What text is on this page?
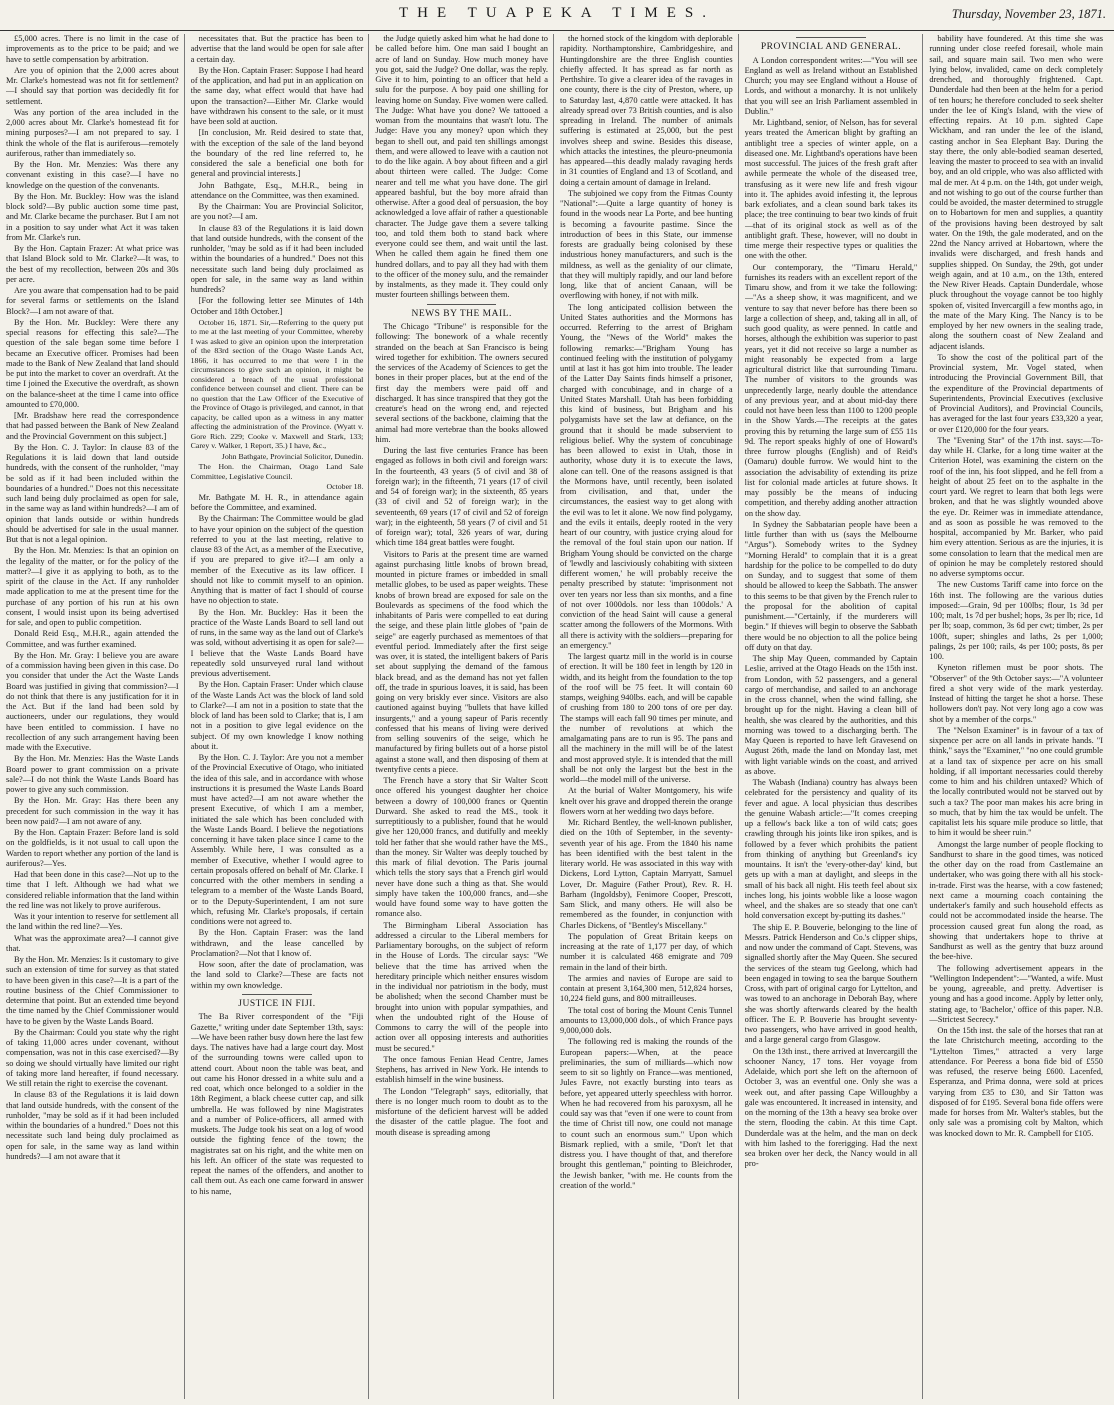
THE TUAPEKA TIMES.	Thursday, November 23, 1871.

£5,000 acres. There is no limit in the case of improvements as to the price to be paid; and we have to settle compensation by arbitration.

Are you of opinion that the 2,000 acres about Mr. Clarke's homestead was not fit for settlement?—I should say that portion was decidedly fit for settlement.

Was any portion of the area included in the 2,000 acres about Mr. Clarke's homestead fit for mining purposes?—I am not prepared to say. I think the whole of the flat is auriferous—remotely auriferous, rather than immediately so.

By the Hon. Mr. Menzies: Was there any convenant existing in this case?—I have no knowledge on the question of the convenants.

By the Hon. Mr. Buckley: How was the island block sold?—By public auction some time past, and Mr. Clarke became the purchaser. But I am not in a position to say under what Act it was taken from Mr. Clarke's run.

By the Hon. Captain Frazer: At what price was that Island Block sold to Mr. Clarke?—It was, to the best of my recollection, between 20s and 30s per acre.

Are you aware that compensation had to be paid for several farms or settlements on the Island Block?—I am not aware of that.

By the Hon. Mr. Buckley: Were there any special reasons for effecting this sale?—The question of the sale began some time before I became an Executive officer. Promises had been made to the Bank of New Zealand that land should be put into the market to cover an overdraft. At the time I joined the Executive the overdraft, as shown on the balance-sheet at the time I came into office amounted to £70,000.

[Mr. Bradshaw here read the correspondence that had passed between the Bank of New Zealand and the Provincial Government on this subject.]

By the Hon. C. J. Taylor: In clause 83 of the Regulations it is laid down that land outside hundreds, with the consent of the runholder, "may be sold as if it had been included within the boundaries of a hundred." Does not this necessitate such land being duly proclaimed as open for sale, in the same way as land within hundreds?—I am of opinion that lands outside or within hundreds should be advertised for sale in the usual manner. But that is not a legal opinion.

By the Hon. Mr. Menzies: Is that an opinion on the legality of the matter, or for the policy of the matter?—I give it as applying to both, as to the spirit of the clause in the Act. If any runholder made application to me at the present time for the purchase of any portion of his run at his own consent, I would insist upon its being advertised for sale, and open to public competition.

Donald Reid Esq., M.H.R., again attended the Committee, and was further examined.

By the Hon. Mr. Gray: I believe you are aware of a commission having been given in this case. Do you consider that under the Act the Waste Lands Board was justified in giving that commission?—I do not think that there is any justification for it in the Act. But if the land had been sold by auctioneers, under our regulations, they would have been entitled to commission. I have no recollection of any such arrangement having been made with the Executive.

By the Hon. Mr. Menzies: Has the Waste Lands Board power to grant commission on a private sale?—I do not think the Waste Lands Board has power to give any such commission.

By the Hon. Mr. Gray: Has there been any precedent for such commission in the way it has been now paid?—I am not aware of any.

By the Hon. Captain Frazer: Before land is sold on the goldfields, is it not usual to call upon the Warden to report whether any portion of the land is auriferous?—Yes.

Had that been done in this case?—Not up to the time that I left. Although we had what we considered reliable information that the land within the red line was not likely to prove auriferous.

Was it your intention to reserve for settlement all the land within the red line?—Yes.

What was the approximate area?—I cannot give that.

By the Hon. Mr. Menzies: Is it customary to give such an extension of time for survey as that stated to have been given in this case?—It is a part of the routine business of the Chief Commissioner to determine that point. But an extended time beyond the time named by the Chief Commissioner would have to be given by the Waste Lands Board.

By the Chairman: Could you state why the right of taking 11,000 acres under covenant, without compensation, was not in this case exercised?—By so doing we should virtually have limited our right of taking more land hereafter, if found necessary. We still retain the right to exercise the covenant.

In clause 83 of the Regulations it is laid down that land outside hundreds, with the consent of the runholder, "may be sold as if it had been included within the boundaries of a hundred." Does not this necessitate such land being duly proclaimed as open for sale, in the same way as land within hundreds?—I am not aware that it

necessitates that. But the practice has been to advertise that the land would be open for sale after a certain day.

By the Hon. Captain Fraser: Suppose I had heard of the application, and had put in an application on the same day, what effect would that have had upon the transaction?—Either Mr. Clarke would have withdrawn his consent to the sale, or it must have been sold at auction.

[In conclusion, Mr. Reid desired to state that, with the exception of the sale of the land beyond the boundary of the red line referred to, he considered the sale a beneficial one both for general and provincial interests.]

John Bathgate, Esq., M.H.R., being in attendance on the Committee, was then examined.

By the Chairman: You are Provincial Solicitor, are you not?—I am.

In clause 83 of the Regulations it is laid down that land outside hundreds, with the consent of the runholder, "may be sold as if it had been included within the boundaries of a hundred." Does not this necessitate such land being duly proclaimed as open for sale, in the same way as land within hundreds?

[For the following letter see Minutes of 14th October and 18th October.]

October 16, 1871. Sir,—Referring to the query put to me at the last meeting of your Committee, whereby I was asked to give an opinion upon the interpretation of the 83rd section of the Otago Waste Lands Act, 1866, it has occurred to me that were I in the circumstances to give such an opinion, it might be considered a breach of the usual professional confidence between counsel and client. There can be no question that the Law Officer of the Executive of the Province of Otago is privileged, and cannot, in that capacity, be called upon as a witness in any matter affecting the administration of the Province. (Wyatt v. Gore Rich. 229; Cooke v. Maxwell and Stark, 133; Carey v. Walker, 1 Report, 35.) I have, &c.,

John Bathgate, Provincial Solicitor, Dunedin.

The Hon. the Chairman, Otago Land Sale Committee, Legislative Council.

October 18.

Mr. Bathgate M. H. R., in attendance again before the Committee, and examined.

By the Chairman: The Committee would be glad to have your opinion on the subject of the question referred to you at the last meeting, relative to clause 83 of the Act, as a member of the Executive, if you are prepared to give it?—I am only a member of the Executive as its law officer. I should not like to commit myself to an opinion. Anything that is matter of fact I should of course have no objection to state.

By the Hon. Mr. Buckley: Has it been the practice of the Waste Lands Board to sell land out of runs, in the same way as the land out of Clarke's was sold, without advertising it as open for sale?—I believe that the Waste Lands Board have repeatedly sold unsurveyed rural land without previous advertisement.

By the Hon. Captain Fraser: Under which clause of the Waste Lands Act was the block of land sold to Clarke?—I am not in a position to state that the block of land has been sold to Clarke; that is, I am not in a position to give legal evidence on the subject. Of my own knowledge I know nothing about it.

By the Hon. C. J. Taylor: Are you not a member of the Provincial Executive of Otago, who initiated the idea of this sale, and in accordance with whose instructions it is presumed the Waste Lands Board must have acted?—I am not aware whether the present Executive, of which I am a member, initiated the sale which has been concluded with the Waste Lands Board. I believe the negotiations concerning it have taken place since I came to the Assembly. While here, I was consulted as a member of Executive, whether I would agree to certain proposals offered on behalf of Mr. Clarke. I concurred with the other members in sending a telegram to a member of the Waste Lands Board, or to the Deputy-Superintendent, I am not sure which, refusing Mr. Clarke's proposals, if certain conditions were not agreed to.

By the Hon. Captain Fraser: was the land withdrawn, and the lease cancelled by Proclamation?—Not that I know of.

How soon, after the date of proclamation, was the land sold to Clarke?—These are facts not within my own knowledge.

JUSTICE IN FIJI.

The Ba River correspondent of the "Fiji Gazette," writing under date September 13th, says:—We have been rather busy down here the last few days. The natives have had a large court day. Most of the surrounding towns were called upon to attend court. About noon the table was beat, and out came his Honor dressed in a white sulu and a red coat, which once belonged to a soldier in the 18th Regiment, a black cheese cutter cap, and silk umbrella. He was followed by nine Magistrates and a number of Police-officers, all armed with muskets. The Judge took his seat on a log of wood outside the fighting fence of the town; the magistrates sat on his right, and the white men on his left. An officer of the state was requested to repeat the names of the offenders, and another to call them out. As each one came forward in answer to his name,

the Judge quietly asked him what he had done to be called before him. One man said I bought an acre of land on Sunday. How much money have you got, said the Judge? One dollar, was the reply. Give it to him, pointing to an officer that held a sulu for the purpose. A boy paid one shilling for leaving home on Sunday. Five women were called. The Judge: What have you done? We tattooed a woman from the mountains that wasn't lotu. The Judge: Have you any money? upon which they began to shell out, and paid ten shillings amongst them, and were allowed to leave with a caution not to do the like again. A boy about fifteen and a girl about thirteen were called. The Judge: Come nearer and tell me what you have done. The girl appeared bashful, but the boy more afraid than otherwise. After a good deal of persuasion, the boy acknowledged a love affair of rather a questionable character. The Judge gave them a severe talking too, and told them both to stand back where everyone could see them, and wait until the last. When he called them again he fined them one hundred dollars, and to pay all they had with them to the officer of the money sulu, and the remainder by instalments, as they made it. They could only muster fourteen shillings between them.

NEWS BY THE MAIL.

The Chicago "Tribune" is responsible for the following: The bonework of a whale recently stranded on the beach at San Francisco is being wired together for exhibition. The owners secured the services of the Academy of Sciences to get the bones in their proper places, but at the end of the first day the members were paid off and discharged. It has since transpired that they got the creature's head on the wrong end, and rejected several sections of the backbone, claiming that the animal had more vertebrae than the books allowed him.

During the last five centuries France has been engaged as follows in both civil and foreign wars: In the fourteenth, 43 years (5 of civil and 38 of foreign war); in the fifteenth, 71 years (17 of civil and 54 of foreign war); in the sixteenth, 85 years (33 of civil and 52 of foreign war); in the seventeenth, 69 years (17 of civil and 52 of foreign war); in the eighteenth, 58 years (7 of civil and 51 of foreign war); total, 326 years of war, during which time 184 great battles were fought.

Visitors to Paris at the present time are warned against purchasing little knobs of brown bread, mounted in picture frames or imbedded in small metallic globes, to be used as paper weights. These knobs of brown bread are exposed for sale on the Boulevards as specimens of the food which the inhabitants of Paris were compelled to eat during the seige, and these plain little globes of "pain de seige" are eagerly purchased as mementoes of that eventful period. Immediately after the first seige was over, it is stated, the intelligent bakers of Paris set about supplying the demand of the famous black bread, and as the demand has not yet fallen off, the trade in spurious loaves, it is said, has been going on very briskly ever since. Visitors are also cautioned against buying "bullets that have killed insurgents," and a young sapeur of Paris recently confessed that his means of living were derived from selling souvenirs of the seige, which he manufactured by firing bullets out of a horse pistol against a stone wall, and then disposing of them at twentyfive cents a piece.

The French have a story that Sir Walter Scott once offered his youngest daughter her choice between a dowry of 100,000 francs or Quentin Durward. She asked to read the MS., took it surreptitiously to a publisher, found that he would give her 120,000 francs, and dutifully and meekly told her father that she would rather have the MS., than the money. Sir Walter was deeply touched by this mark of filial devotion. The Paris journal which tells the story says that a French girl would never have done such a thing as that. She would simply have taken the 100,000 francs, and—she would have found some way to have gotten the romance also.

The Birmingham Liberal Association has addressed a circular to the Liberal members for Parliamentary boroughs, on the subject of reform in the House of Lords. The circular says: "We believe that the time has arrived when the hereditary principle which neither ensures wisdom in the individual nor patriotism in the body, must be abolished; when the second Chamber must be brought into union with popular sympathies, and when the undoubted right of the House of Commons to carry the will of the people into action over all opposing interests and authorities must be secured."

The once famous Fenian Head Centre, James Stephens, has arrived in New York. He intends to establish himself in the wine business.

The London "Telegraph" says, editorially, that there is no longer much room to doubt as to the misfortune of the deficient harvest will be added the disaster of the cattle plague. The foot and mouth disease is spreading among

the horned stock of the kingdom with deplorable rapidity. Northamptonshire, Cambridgeshire, and Huntingdonshire are the three English counties chiefly affected. It has spread as far north as Perthshire. To give a clearer idea of the ravages in one county, there is the city of Preston, where, up to Saturday last, 4,870 cattle were attacked. It has already spread over 73 British counties, and is also spreading in Ireland. The number of animals suffering is estimated at 25,000, but the pest involves sheep and swine. Besides this disease, which attacks the intestines, the pleuro-pneumonia has appeared—this deadly malady ravaging herds in 31 counties of England and 13 of Scotland, and doing a certain amount of damage in Ireland.

The subjoined we copy from the Fitmas County "National":—Quite a large quantity of honey is found in the woods near La Porte, and bee hunting is becoming a favourite pastime. Since the introduction of bees in this State, our immense forests are gradually being colonised by these industrious honey manufacturers, and such is the mildness, as well as the geniality of our climate, that they will multiply rapidly, and our land before long, like that of ancient Canaan, will be overflowing with honey, if not with milk.

The long anticipated collision between the United States authorities and the Mormons has occurred. Referring to the arrest of Brigham Young, the "News of the World" makes the following remarks:—"Brigham Young has continued feeling with the institution of polygamy until at last it has got him into trouble. The leader of the Latter Day Saints finds himself a prisoner, charged with concubinage, and in charge of a United States Marshall. Utah has been forbidding this kind of business, but Brigham and his polygamists have set the law at defiance, on the ground that it should be made subservient to religious belief. Why the system of concubinage has been allowed to exist in Utah, those in authority, whose duty it is to execute the laws, alone can tell. One of the reasons assigned is that the Mormons have, until recently, been isolated from civilisation, and that, under the circumstances, the easiest way to get along with the evil was to let it alone. We now find polygamy, and the evils it entails, deeply rooted in the very heart of our country, with justice crying aloud for the removal of the foul stain upon our nation. If Brigham Young should be convicted on the charge of 'lewdly and lasciviously cohabiting with sixteen different women,' he will probably receive the penalty prescribed by statute: 'imprisonment not over ten years nor less than six months, and a fine of not over 1000dols. nor less than 100dols.' A conviction of the head Saint will cause a general scatter among the followers of the Mormons. With all there is activity with the soldiers—preparing for an emergency."

The largest quartz mill in the world is in course of erection. It will be 180 feet in length by 120 in width, and its height from the foundation to the top of the roof will be 75 feet. It will contain 60 stamps, weighing 940lbs. each, and will be capable of crushing from 180 to 200 tons of ore per day. The stamps will each fall 90 times per minute, and the number of revolutions at which the amalgamating pans are to run is 95. The pans and all the machinery in the mill will be of the latest and most approved style. It is intended that the mill shall be not only the largest but the best in the world—the model mill of the universe.

At the burial of Walter Montgomery, his wife knelt over his grave and dropped therein the orange flowers worn at her wedding two days before.

Mr. Richard Bentley, the well-known publisher, died on the 10th of September, in the seventy-seventh year of his age. From the 1840 his name has been identified with the best talent in the literary world. He was associated in this way with Dickens, Lord Lytton, Captain Marryatt, Samuel Lover, Dr. Maguire (Father Prout), Rev. R. H. Barham (Ingoldsby), Fenimore Cooper, Prescott, Sam Slick, and many others. He will also be remembered as the founder, in conjunction with Charles Dickens, of "Bentley's Miscellany."

The population of Great Britain keeps on increasing at the rate of 1,177 per day, of which number it is calculated 468 emigrate and 709 remain in the land of their birth.

The armies and navies of Europe are said to contain at present 3,164,300 men, 512,824 horses, 10,224 field guns, and 800 mitrailleuses.

The total cost of boring the Mount Cenis Tunnel amounts to 13,000,000 dols., of which France pays 9,000,000 dols.

The following red is making the rounds of the European papers:—When, at the peace preliminaries, the sum of milliards—which now seem to sit so lightly on France—was mentioned, Jules Favre, not exactly bursting into tears as before, yet appeared utterly speechless with horror. When he had recovered from his paroxysm, all he could say was that "even if one were to count from the time of Christ till now, one could not manage to count such an enormous sum." Upon which Bismark replied, with a smile, "Don't let that distress you. I have thought of that, and therefore brought this gentleman," pointing to Bleichroder, the Jewish banker, "with me. He counts from the creation of the world."

PROVINCIAL AND GENERAL.

A London correspondent writes:—"You will see England as well as Ireland without an Established Church; you may see England without a House of Lords, and without a monarchy. It is not unlikely that you will see an Irish Parliament assembled in Dublin."

Mr. Lightband, senior, of Nelson, has for several years treated the American blight by grafting an antiblight tree a species of winter apple, on a diseased one. Mr. Lightband's operations have been most successful. The juices of the fresh graft after awhile permeate the whole of the diseased tree, transfusing as it were new life and fresh vigour into it. The aphides avoid infesting it, the leprous bark exfoliates, and a clean sound bark takes its place; the tree continuing to bear two kinds of fruit—that of its original stock as well as of the antiblight graft. These, however, will no doubt in time merge their respective types or qualities the one with the other.

Our contemporary, the "Timaru Herald," furnishes its readers with an excellent report of the Timaru show, and from it we take the following:—"As a sheep show, it was magnificent, and we venture to say that never before has there been so large a collection of sheep, and, taking all in all, of such good quality, as were penned. In cattle and horses, although the exhibition was superior to past years, yet it did not receive so large a number as might reasonably be expected from a large agricultural district like that surrounding Timaru. The number of visitors to the grounds was unprecedently large, nearly double the attendance of any previous year, and at about mid-day there could not have been less than 1100 to 1200 people in the Show Yards.—The receipts at the gates proving this by returning the large sum of £55 11s 9d. The report speaks highly of one of Howard's three furrow ploughs (English) and of Reid's (Oamaru) double furrow. We would hint to the association the advisability of extending its prize list for colonial made articles at future shows. It may possibly be the means of inducing competition, and thereby adding another attraction on the show day.

In Sydney the Sabbatarian people have been a little further than with us (says the Melbourne "Argus"). Somebody writes to the Sydney "Morning Herald" to complain that it is a great hardship for the police to be compelled to do duty on Sunday, and to suggest that some of them should be allowed to keep the Sabbath. The answer to this seems to be that given by the French ruler to the proposal for the abolition of capital punishment.—"Certainly, if the murderers will begin." If thieves will begin to observe the Sabbath there would be no objection to all the police being off duty on that day.

The ship May Queen, commanded by Captain Leslie, arrived at the Otago Heads on the 15th inst. from London, with 52 passengers, and a general cargo of merchandise, and sailed to an anchorage in the cross channel, when the wind falling, she brought up for the night. Having a clean bill of health, she was cleared by the authorities, and this morning was towed to a discharging berth. The May Queen is reported to have left Gravesend on August 26th, made the land on Monday last, met with light variable winds on the coast, and arrived as above.

The Wabash (Indiana) country has always been celebrated for the persistency and quality of its fever and ague. A local physician thus describes the genuine Wabash article:—"It comes creeping up a fellow's back like a ton of wild cats; goes crawling through his joints like iron spikes, and is followed by a fever which prohibits the patient from thinking of anything but Greenland's icy mountains. It isn't the 'every-other-day' kind, but gets up with a man at daylight, and sleeps in the small of his back all night. His teeth feel about six inches long, his joints wobble like a loose wagon wheel, and the shakes are so steady that one can't hold conversation except by-putting its dashes."

The ship E. P. Bouverie, belonging to the line of Messrs. Patrick Henderson and Co.'s clipper ships, and now under the command of Capt. Stevens, was signalled shortly after the May Queen. She secured the services of the steam tug Geelong, which had been engaged in towing to sea the barque Southern Cross, with part of original cargo for Lyttelton, and was towed to an anchorage in Deborah Bay, where she was shortly afterwards cleared by the health officer. The E. P. Bouverie has brought seventy-two passengers, who have arrived in good health, and a large general cargo from Glasgow.

On the 13th inst., there arrived at Invercargill the schooner Nancy, 17 tons. Her voyage from Adelaide, which port she left on the afternoon of October 3, was an eventful one. Only she was a week out, and after passing Cape Willoughby a gale was encountered. It increased in intensity, and on the morning of the 13th a heavy sea broke over the stern, flooding the cabin. At this time Capt. Dunderdale was at the helm, and the man on deck with him lashed to the forerigging. Had the next sea broken over her deck, the Nancy would in all pro-

bability have foundered. At this time she was running under close reefed foresail, whole main sail, and square main sail. Two men who were lying below, invalided, came on deck completely drenched, and thoroughly frightened. Capt. Dunderdale had then been at the helm for a period of ten hours; he therefore concluded to seek shelter under the lee of King's Island, with the view of effecting repairs. At 10 p.m. sighted Cape Wickham, and ran under the lee of the island, casting anchor in Sea Elephant Bay. During the stay there, the only able-bodied seaman deserted, leaving the master to proceed to sea with an invalid boy, and an old cripple, who was also afflicted with mal de mer. At 4 p.m. on the 14th, got under weigh, and not wishing to go out of the course further than could be avoided, the master determined to struggle on to Hobartown for men and supplies, a quantity of the provisions having been destroyed by salt water. On the 19th, the gale moderated, and on the 22nd the Nancy arrived at Hobartown, where the invalids were discharged, and fresh hands and supplies shipped. On Sunday, the 29th, got under weigh again, and at 10 a.m., on the 13th, entered the New River Heads. Captain Dunderdale, whose pluck throughout the voyage cannot be too highly spoken of, visited Invercargill a few months ago, in the mate of the Mary King. The Nancy is to be employed by her new owners in the sealing trade, along the southern coast of New Zealand and adjacent islands.

To show the cost of the political part of the Provincial system, Mr. Vogel stated, when introducing the Provincial Government Bill, that the expenditure of the Provincial departments of Superintendents, Provincial Executives (exclusive of Provincial Auditors), and Provincial Councils, has averaged for the last four years £33,320 a year, or over £120,000 for the four years.

The "Evening Star" of the 17th inst. says:—To-day while H. Clarke, for a long time waiter at the Criterion Hotel, was examining the cistern on the roof of the inn, his foot slipped, and he fell from a height of about 25 feet on to the asphalte in the court yard. We regret to learn that both legs were broken, and that he was slightly wounded above the eye. Dr. Reimer was in immediate attendance, and as soon as possible he was removed to the hospital, accompanied by Mr. Barker, who paid him every attention. Serious as are the injuries, it is some consolation to learn that the medical men are of opinion he may be completely restored should no adverse symptoms occur.

The new Customs Tariff came into force on the 16th inst. The following are the various duties imposed:—Grain, 9d per 100lbs; flour, 1s 3d per 100; malt, 1s 7d per bushel; hops, 3s per lb; rice, 1d per lb; soap, common, 3s 6d per cwt; timber, 2s per 100ft, super; shingles and laths, 2s per 1,000; palings, 2s per 100; rails, 4s per 100; posts, 8s per 100.

Kyneton riflemen must be poor shots. The "Observer" of the 9th October says:—"A volunteer fired a shot very wide of the mark yesterday. Instead of hitting the target he shot a horse. These hollowers don't pay. Not very long ago a cow was shot by a member of the corps."

The "Nelson Examiner" is in favour of a tax of sixpence per acre on all lands in private hands. "I think," says the "Examiner," "no one could grumble at a land tax of sixpence per acre on his small holding, if all important necessaries could thereby come to him and his children untaxed? Which of the locally contributed would not be starved out by such a tax? The poor man makes his acre bring in so much, that by him the tax would be unfelt. The capitalist lets his square mile produce so little, that to him it would be sheer ruin."

Amongst the large number of people flocking to Sandhurst to share in the good times, was noticed the other day on the road from Castlemaine an undertaker, who was going there with all his stock-in-trade. First was the hearse, with a cow fastened; next came a mourning coach containing the undertaker's family and such household effects as could not be accommodated inside the hearse. The procession caused great fun along the road, as showing that undertakers hope to thrive at Sandhurst as well as the gentry that buzz around the bee-hive.

The following advertisement appears in the "Wellington Independent":—"Wanted, a wife. Must be young, agreeable, and pretty. Advertiser is young and has a good income. Apply by letter only, stating age, to 'Bachelor,' office of this paper. N.B.—Strictest Secrecy."

On the 15th inst. the sale of the horses that ran at the late Christchurch meeting, according to the "Lyttelton Times," attracted a very large attendance. For Peeress a bona fide bid of £550 was refused, the reserve being £600. Lacenfed, Esperanza, and Prima donna, were sold at prices varying from £35 to £30, and Sir Tatton was disposed of for £195. Several bona fide offers were made for horses from Mr. Walter's stables, but the only sale was a promising colt by Malton, which was knocked down to Mr. R. Campbell for £105.
